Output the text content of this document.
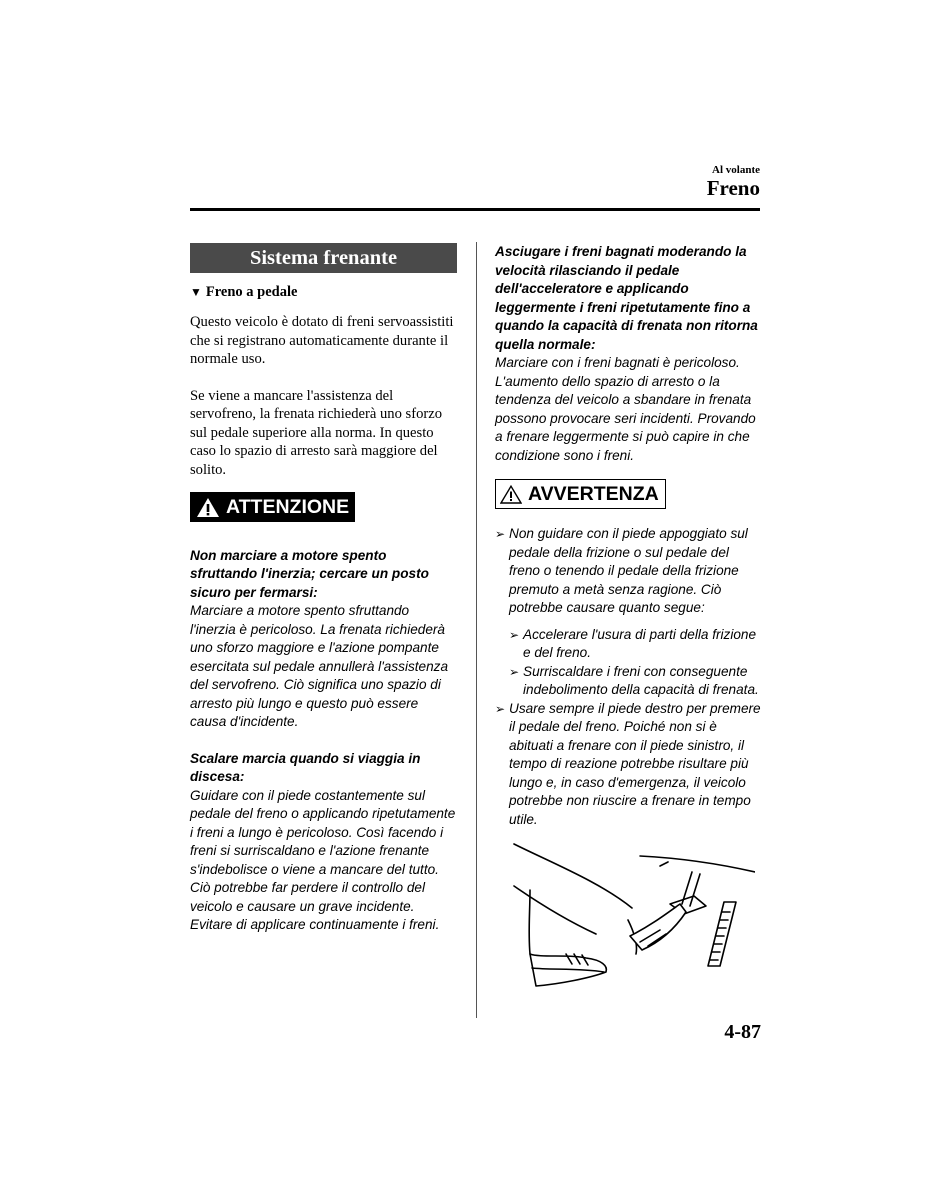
Al volante
Freno
Sistema frenante
▼ Freno a pedale
Questo veicolo è dotato di freni servoassistiti che si registrano automaticamente durante il normale uso.
Se viene a mancare l'assistenza del servofreno, la frenata richiederà uno sforzo sul pedale superiore alla norma. In questo caso lo spazio di arresto sarà maggiore del solito.
ATTENZIONE
Non marciare a motore spento sfruttando l'inerzia; cercare un posto sicuro per fermarsi:
Marciare a motore spento sfruttando l'inerzia è pericoloso. La frenata richiederà uno sforzo maggiore e l'azione pompante esercitata sul pedale annullerà l'assistenza del servofreno. Ciò significa uno spazio di arresto più lungo e questo può essere causa d'incidente.
Scalare marcia quando si viaggia in discesa:
Guidare con il piede costantemente sul pedale del freno o applicando ripetutamente i freni a lungo è pericoloso. Così facendo i freni si surriscaldano e l'azione frenante s'indebolisce o viene a mancare del tutto. Ciò potrebbe far perdere il controllo del veicolo e causare un grave incidente. Evitare di applicare continuamente i freni.
Asciugare i freni bagnati moderando la velocità rilasciando il pedale dell'acceleratore e applicando leggermente i freni ripetutamente fino a quando la capacità di frenata non ritorna quella normale:
Marciare con i freni bagnati è pericoloso. L'aumento dello spazio di arresto o la tendenza del veicolo a sbandare in frenata possono provocare seri incidenti. Provando a frenare leggermente si può capire in che condizione sono i freni.
AVVERTENZA
➢ Non guidare con il piede appoggiato sul pedale della frizione o sul pedale del freno o tenendo il pedale della frizione premuto a metà senza ragione. Ciò potrebbe causare quanto segue:
➢ Accelerare l'usura di parti della frizione e del freno.
➢ Surriscaldare i freni con conseguente indebolimento della capacità di frenata.
➢ Usare sempre il piede destro per premere il pedale del freno. Poiché non si è abituati a frenare con il piede sinistro, il tempo di reazione potrebbe risultare più lungo e, in caso d'emergenza, il veicolo potrebbe non riuscire a frenare in tempo utile.
4-87
